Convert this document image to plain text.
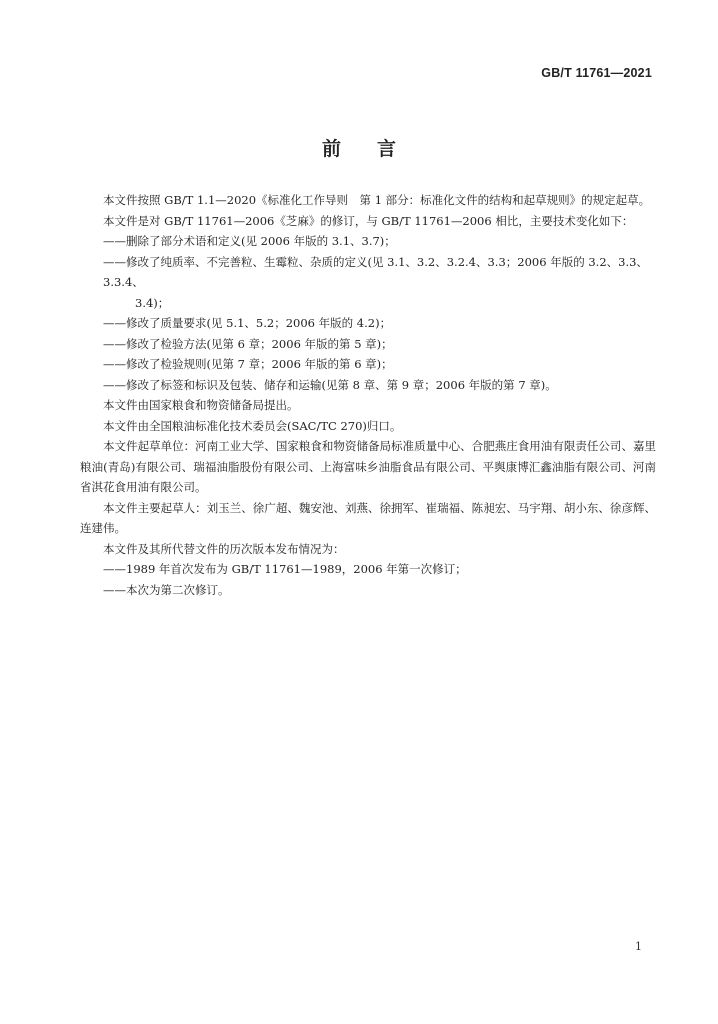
GB/T 11761—2021
前言

本文件按照 GB/T 1.1—2020《标准化工作导则　第 1 部分：标准化文件的结构和起草规则》的规定起草。

本文件是对 GB/T 11761—2006《芝麻》的修订，与 GB/T 11761—2006 相比，主要技术变化如下：

——删除了部分术语和定义(见 2006 年版的 3.1、3.7)；

——修改了纯质率、不完善粒、生霉粒、杂质的定义(见 3.1、3.2、3.2.4、3.3；2006 年版的 3.2、3.3、3.3.4、

3.4)；

——修改了质量要求(见 5.1、5.2；2006 年版的 4.2)；

——修改了检验方法(见第 6 章；2006 年版的第 5 章)；

——修改了检验规则(见第 7 章；2006 年版的第 6 章)；

——修改了标签和标识及包装、储存和运输(见第 8 章、第 9 章；2006 年版的第 7 章)。

本文件由国家粮食和物资储备局提出。

本文件由全国粮油标准化技术委员会(SAC/TC 270)归口。

本文件起草单位：河南工业大学、国家粮食和物资储备局标准质量中心、合肥燕庄食用油有限责任公司、嘉里粮油(青岛)有限公司、瑞福油脂股份有限公司、上海富味乡油脂食品有限公司、平舆康博汇鑫油脂有限公司、河南省淇花食用油有限公司。

本文件主要起草人：刘玉兰、徐广超、魏安池、刘燕、徐拥军、崔瑞福、陈昶宏、马宇翔、胡小东、徐彦辉、连建伟。

本文件及其所代替文件的历次版本发布情况为：

——1989 年首次发布为 GB/T 11761—1989，2006 年第一次修订；

——本次为第二次修订。

1
